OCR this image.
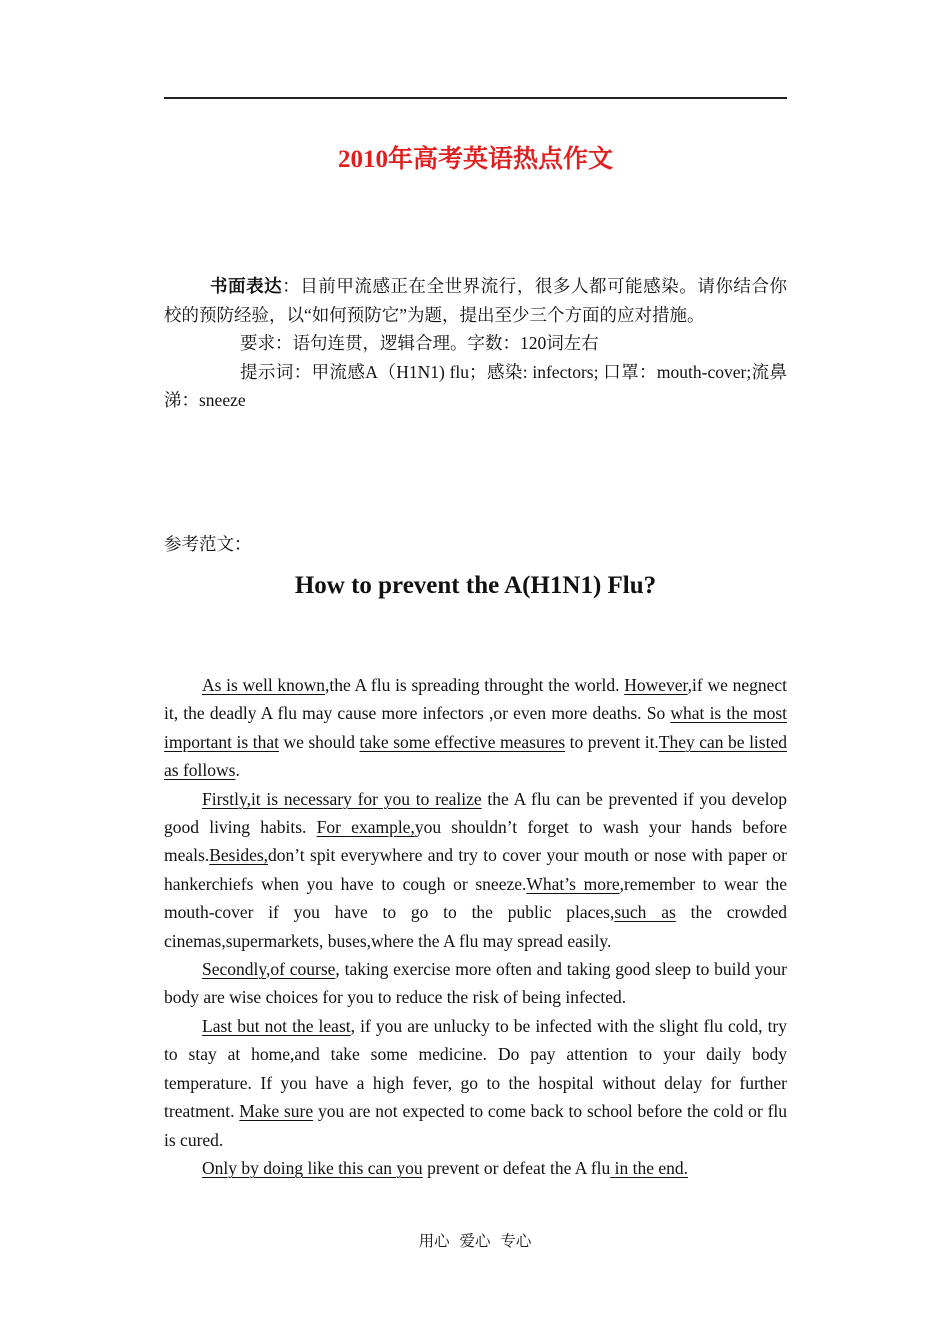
2010年高考英语热点作文

书面表达：目前甲流感正在全世界流行，很多人都可能感染。请你结合你校的预防经验，以“如何预防它”为题，提出至少三个方面的应对措施。

要求：语句连贯，逻辑合理。字数：120词左右

提示词：甲流感A（H1N1) flu；感染: infectors; 口罩：mouth-cover;流鼻涕：sneeze

参考范文：
How to prevent the A(H1N1) Flu?

As is well known,the A flu is spreading throught the world. However,if we negnect it, the deadly A flu may cause more infectors ,or even more deaths. So what is the most important is that we should take some effective measures to prevent it.They can be listed as follows.

Firstly,it is necessary for you to realize the A flu can be prevented if you develop good living habits. For example,you shouldn’t forget to wash your hands before meals.Besides,don’t spit everywhere and try to cover your mouth or nose with paper or hankerchiefs when you have to cough or sneeze.What’s more,remember to wear the mouth-cover if you have to go to the public places,such as the crowded cinemas,supermarkets, buses,where the A flu may spread easily.

Secondly,of course, taking exercise more often and taking good sleep to build your body are wise choices for you to reduce the risk of being infected.

Last but not the least, if you are unlucky to be infected with the slight flu cold, try to stay at home,and take some medicine. Do pay attention to your daily body temperature. If you have a high fever, go to the hospital without delay for further treatment. Make sure you are not expected to come back to school before the cold or flu is cured.

Only by doing like this can you prevent or defeat the A flu in the end.

用心 爱心 专心
